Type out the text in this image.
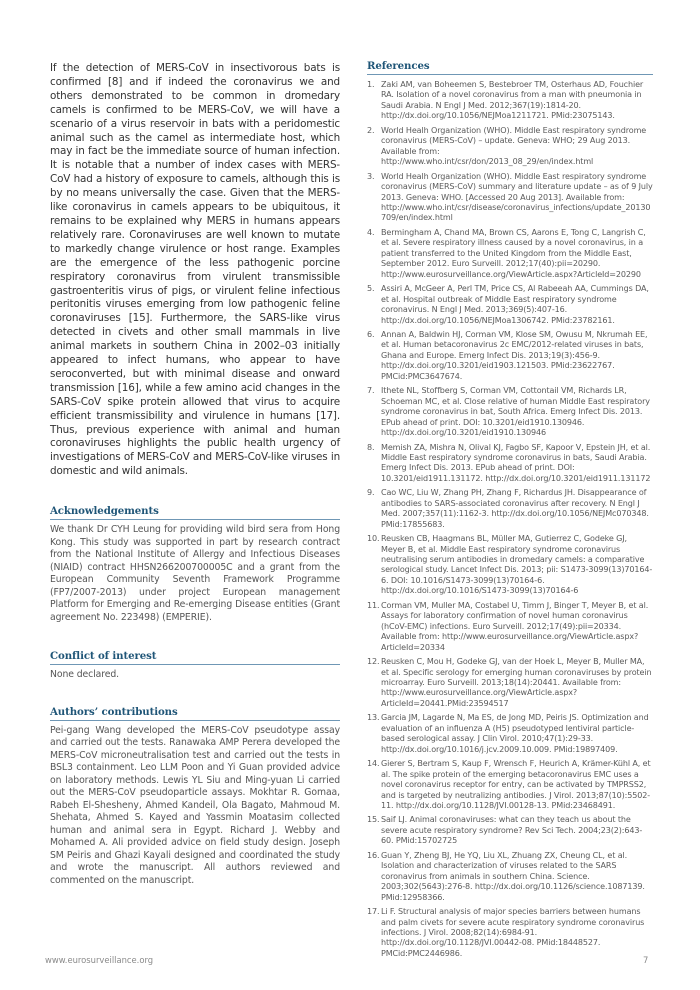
If the detection of MERS-CoV in insectivorous bats is confirmed [8] and if indeed the coronavirus we and others demonstrated to be common in dromedary camels is confirmed to be MERS-CoV, we will have a scenario of a virus reservoir in bats with a peridomestic animal such as the camel as intermediate host, which may in fact be the immediate source of human infection. It is notable that a number of index cases with MERS-CoV had a history of exposure to camels, although this is by no means universally the case. Given that the MERS-like coronavirus in camels appears to be ubiquitous, it remains to be explained why MERS in humans appears relatively rare. Coronaviruses are well known to mutate to markedly change virulence or host range. Examples are the emergence of the less pathogenic porcine respiratory coronavirus from virulent transmissible gastroenteritis virus of pigs, or virulent feline infectious peritonitis viruses emerging from low pathogenic feline coronaviruses [15]. Furthermore, the SARS-like virus detected in civets and other small mammals in live animal markets in southern China in 2002–03 initially appeared to infect humans, who appear to have seroconverted, but with minimal disease and onward transmission [16], while a few amino acid changes in the SARS-CoV spike protein allowed that virus to acquire efficient transmissibility and virulence in humans [17]. Thus, previous experience with animal and human coronaviruses highlights the public health urgency of investigations of MERS-CoV and MERS-CoV-like viruses in domestic and wild animals.

Acknowledgements

We thank Dr CYH Leung for providing wild bird sera from Hong Kong. This study was supported in part by research contract from the National Institute of Allergy and Infectious Diseases (NIAID) contract HHSN266200700005C and a grant from the European Community Seventh Framework Programme (FP7/2007-2013) under project European management Platform for Emerging and Re-emerging Disease entities (Grant agreement No. 223498) (EMPERIE).

Conflict of interest

None declared.

Authors’ contributions

Pei-gang Wang developed the MERS-CoV pseudotype assay and carried out the tests. Ranawaka AMP Perera developed the MERS-CoV microneutralisation test and carried out the tests in BSL3 containment. Leo LLM Poon and Yi Guan provided advice on laboratory methods. Lewis YL Siu and Ming-yuan Li carried out the MERS-CoV pseudoparticle assays. Mokhtar R. Gomaa, Rabeh El-Shesheny, Ahmed Kandeil, Ola Bagato, Mahmoud M. Shehata, Ahmed S. Kayed and Yassmin Moatasim collected human and animal sera in Egypt. Richard J. Webby and Mohamed A. Ali provided advice on field study design. Joseph SM Peiris and Ghazi Kayali designed and coordinated the study and wrote the manuscript. All authors reviewed and commented on the manuscript.

References
1. Zaki AM, van Boheemen S, Bestebroer TM, Osterhaus AD, Fouchier RA. Isolation of a novel coronavirus from a man with pneumonia in Saudi Arabia. N Engl J Med. 2012;367(19):1814-20. http://dx.doi.org/10.1056/NEJMoa1211721. PMid:23075143.
2. World Healh Organization (WHO). Middle East respiratory syndrome coronavirus (MERS-CoV) – update. Geneva: WHO; 29 Aug 2013. Available from: http://www.who.int/csr/don/2013_08_29/en/index.html
3. World Healh Organization (WHO). Middle East respiratory syndrome coronavirus (MERS-CoV) summary and literature update – as of 9 July 2013. Geneva: WHO. [Accessed 20 Aug 2013]. Available from: http://www.who.int/csr/disease/coronavirus_infections/update_20130709/en/index.html
4. Bermingham A, Chand MA, Brown CS, Aarons E, Tong C, Langrish C, et al. Severe respiratory illness caused by a novel coronavirus, in a patient transferred to the United Kingdom from the Middle East, September 2012. Euro Surveill. 2012;17(40):pii=20290. http://www.eurosurveillance.org/ViewArticle.aspx?ArticleId=20290
5. Assiri A, McGeer A, Perl TM, Price CS, Al Rabeeah AA, Cummings DA, et al. Hospital outbreak of Middle East respiratory syndrome coronavirus. N Engl J Med. 2013;369(5):407-16. http://dx.doi.org/10.1056/NEJMoa1306742. PMid:23782161.
6. Annan A, Baldwin HJ, Corman VM, Klose SM, Owusu M, Nkrumah EE, et al. Human betacoronavirus 2c EMC/2012-related viruses in bats, Ghana and Europe. Emerg Infect Dis. 2013;19(3):456-9. http://dx.doi.org/10.3201/eid1903.121503. PMid:23622767. PMCid:PMC3647674.
7. Ithete NL, Stoffberg S, Corman VM, Cottontail VM, Richards LR, Schoeman MC, et al. Close relative of human Middle East respiratory syndrome coronavirus in bat, South Africa. Emerg Infect Dis. 2013. EPub ahead of print. DOI: 10.3201/eid1910.130946. http://dx.doi.org/10.3201/eid1910.130946
8. Memish ZA, Mishra N, Olival KJ, Fagbo SF, Kapoor V, Epstein JH, et al. Middle East respiratory syndrome coronavirus in bats, Saudi Arabia. Emerg Infect Dis. 2013. EPub ahead of print. DOI: 10.3201/eid1911.131172. http://dx.doi.org/10.3201/eid1911.131172
9. Cao WC, Liu W, Zhang PH, Zhang F, Richardus JH. Disappearance of antibodies to SARS-associated coronavirus after recovery. N Engl J Med. 2007;357(11):1162-3. http://dx.doi.org/10.1056/NEJMc070348. PMid:17855683.
10. Reusken CB, Haagmans BL, Müller MA, Gutierrez C, Godeke GJ, Meyer B, et al. Middle East respiratory syndrome coronavirus neutralising serum antibodies in dromedary camels: a comparative serological study. Lancet Infect Dis. 2013; pii: S1473-3099(13)70164-6. DOI: 10.1016/S1473-3099(13)70164-6. http://dx.doi.org/10.1016/S1473-3099(13)70164-6
11. Corman VM, Muller MA, Costabel U, Timm J, Binger T, Meyer B, et al. Assays for laboratory confirmation of novel human coronavirus (hCoV-EMC) infections. Euro Surveill. 2012;17(49):pii=20334. Available from: http://www.eurosurveillance.org/ViewArticle.aspx?ArticleId=20334
12. Reusken C, Mou H, Godeke GJ, van der Hoek L, Meyer B, Muller MA, et al. Specific serology for emerging human coronaviruses by protein microarray. Euro Surveill. 2013;18(14):20441. Available from: http://www.eurosurveillance.org/ViewArticle.aspx?ArticleId=20441.PMid:23594517
13. Garcia JM, Lagarde N, Ma ES, de Jong MD, Peiris JS. Optimization and evaluation of an influenza A (H5) pseudotyped lentiviral particle-based serological assay. J Clin Virol. 2010;47(1):29-33. http://dx.doi.org/10.1016/j.jcv.2009.10.009. PMid:19897409.
14. Gierer S, Bertram S, Kaup F, Wrensch F, Heurich A, Krämer-Kühl A, et al. The spike protein of the emerging betacoronavirus EMC uses a novel coronavirus receptor for entry, can be activated by TMPRSS2, and is targeted by neutralizing antibodies. J Virol. 2013;87(10):5502-11. http://dx.doi.org/10.1128/JVI.00128-13. PMid:23468491.
15. Saif LJ. Animal coronaviruses: what can they teach us about the severe acute respiratory syndrome? Rev Sci Tech. 2004;23(2):643-60. PMid:15702725
16. Guan Y, Zheng BJ, He YQ, Liu XL, Zhuang ZX, Cheung CL, et al. Isolation and characterization of viruses related to the SARS coronavirus from animals in southern China. Science. 2003;302(5643):276-8. http://dx.doi.org/10.1126/science.1087139. PMid:12958366.
17. Li F. Structural analysis of major species barriers between humans and palm civets for severe acute respiratory syndrome coronavirus infections. J Virol. 2008;82(14):6984-91. http://dx.doi.org/10.1128/JVI.00442-08. PMid:18448527. PMCid:PMC2446986.
www.eurosurveillance.org	7
